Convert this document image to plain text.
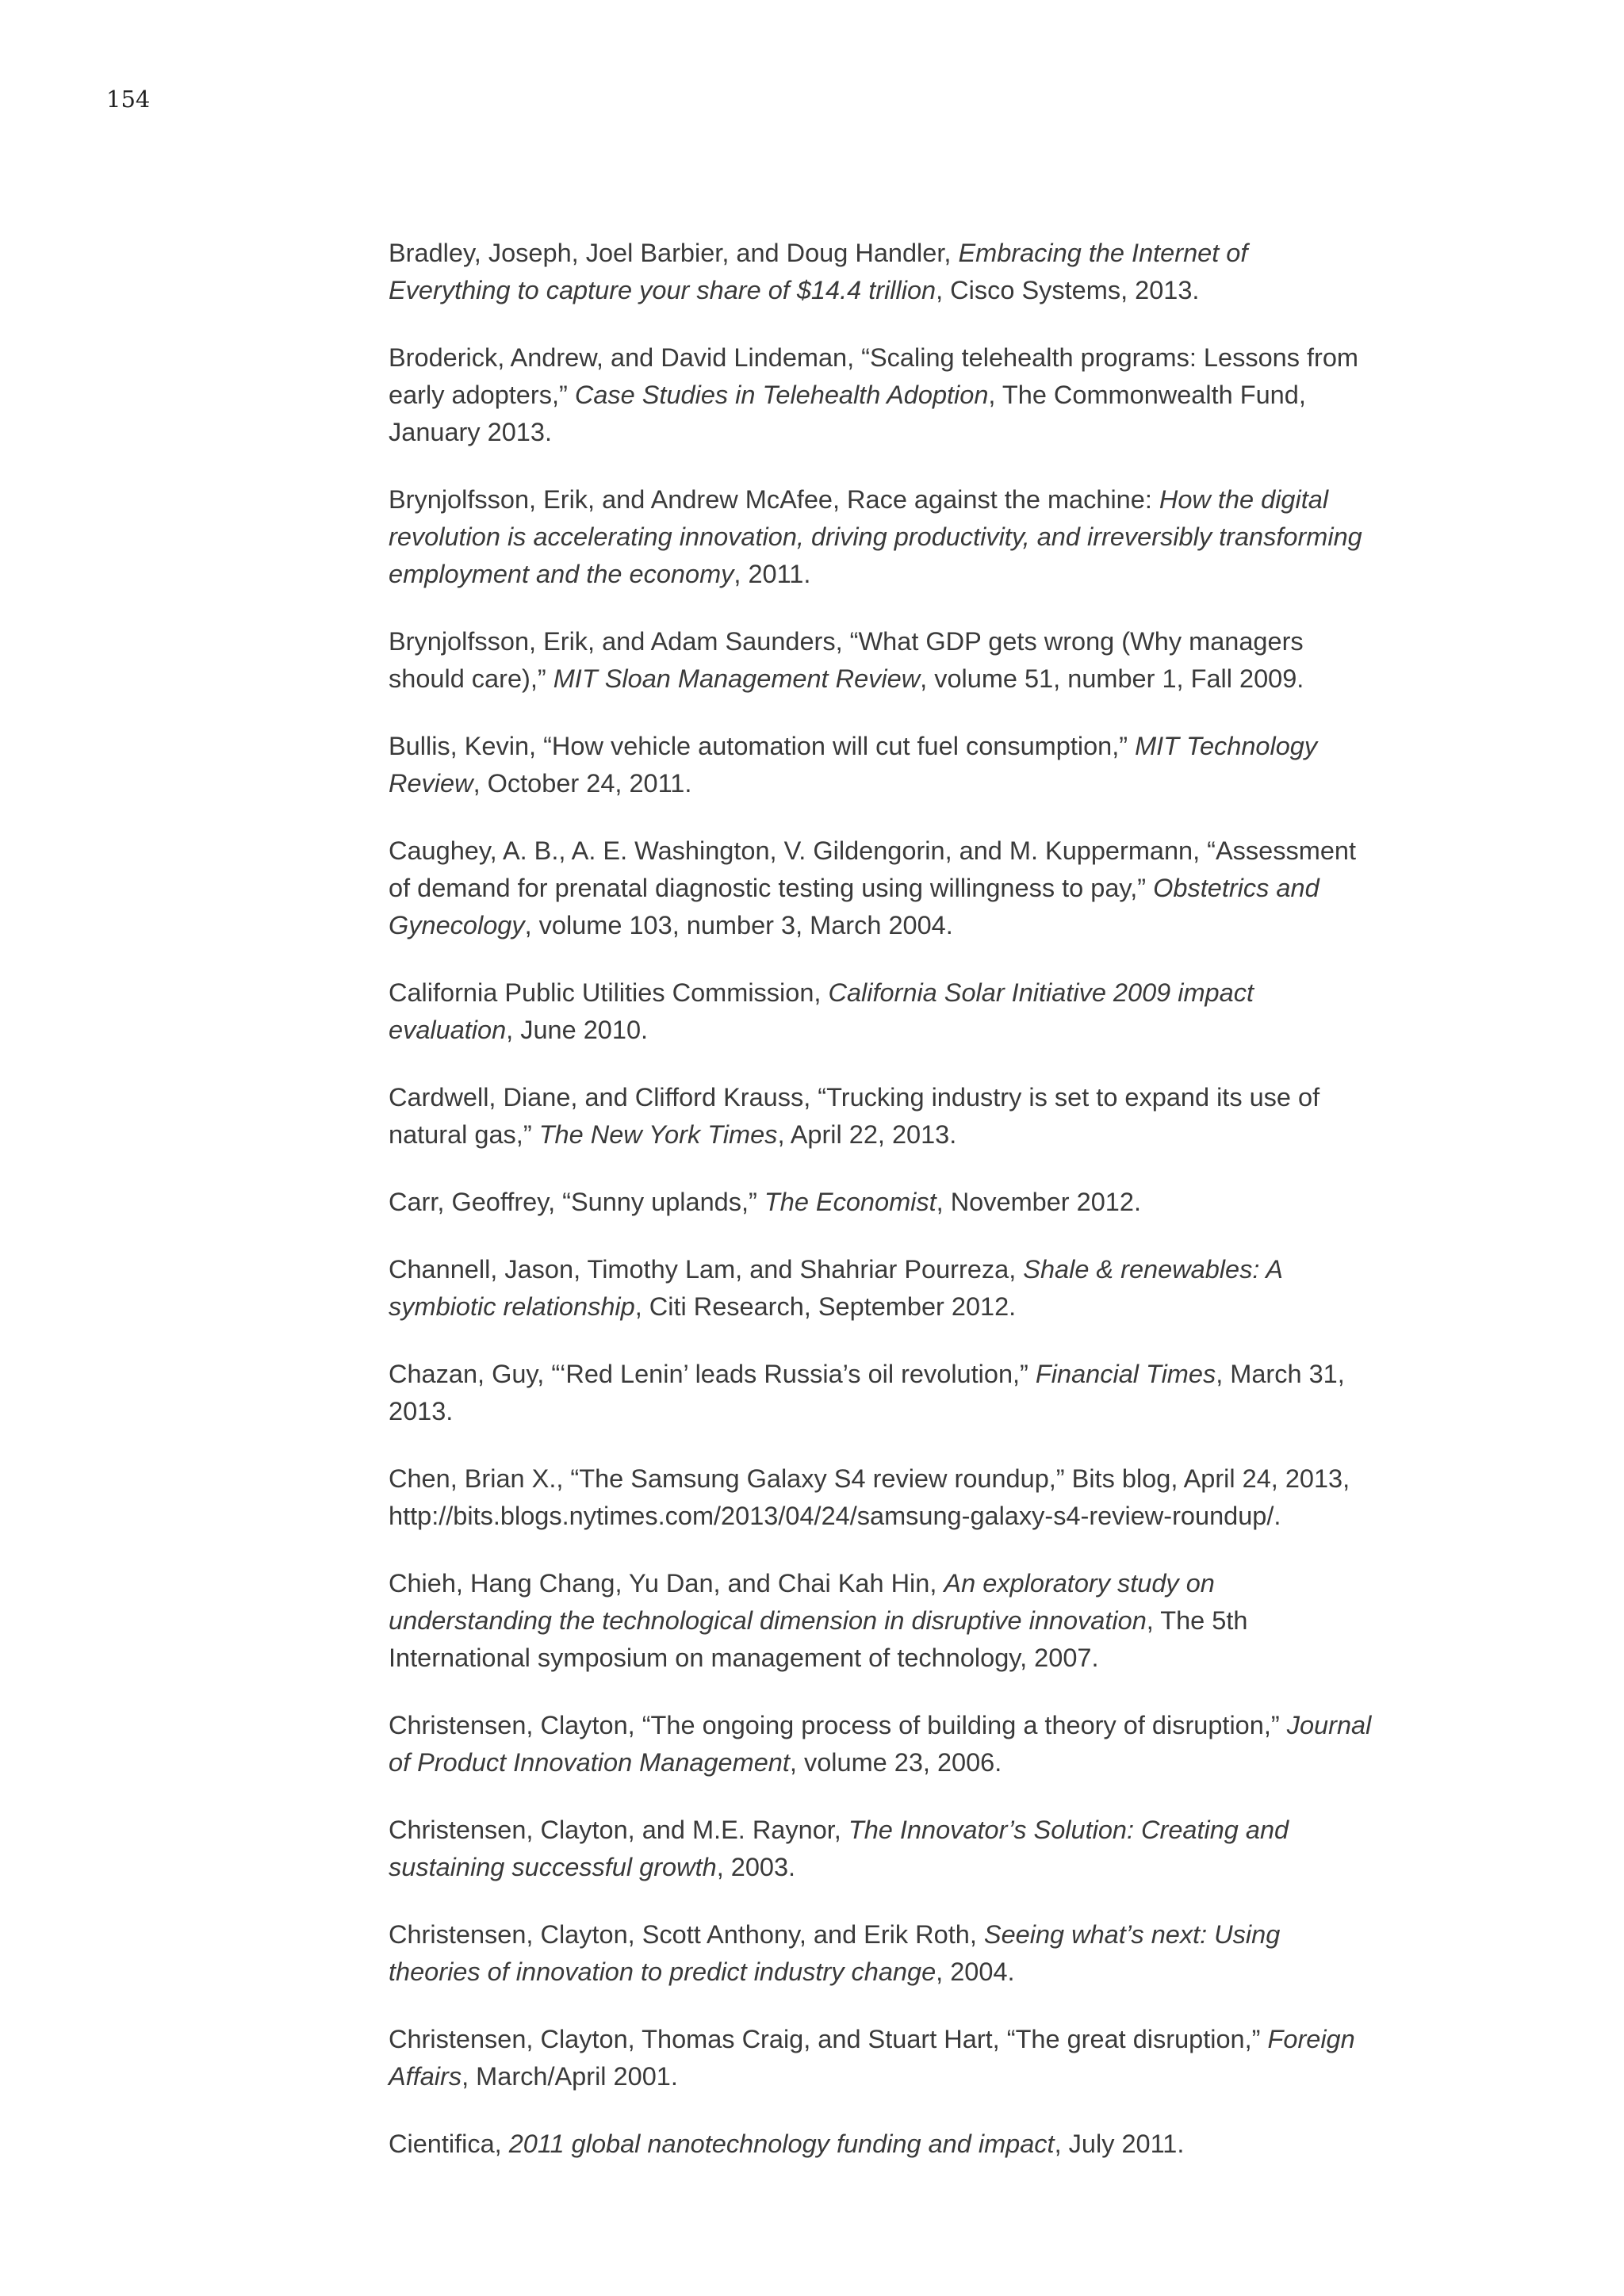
154

Bradley, Joseph, Joel Barbier, and Doug Handler, Embracing the Internet of Everything to capture your share of $14.4 trillion, Cisco Systems, 2013.

Broderick, Andrew, and David Lindeman, “Scaling telehealth programs: Lessons from early adopters,” Case Studies in Telehealth Adoption, The Commonwealth Fund, January 2013.

Brynjolfsson, Erik, and Andrew McAfee, Race against the machine: How the digital revolution is accelerating innovation, driving productivity, and irreversibly transforming employment and the economy, 2011.

Brynjolfsson, Erik, and Adam Saunders, “What GDP gets wrong (Why managers should care),” MIT Sloan Management Review, volume 51, number 1, Fall 2009.

Bullis, Kevin, “How vehicle automation will cut fuel consumption,” MIT Technology Review, October 24, 2011.

Caughey, A. B., A. E. Washington, V. Gildengorin, and M. Kuppermann, “Assessment of demand for prenatal diagnostic testing using willingness to pay,” Obstetrics and Gynecology, volume 103, number 3, March 2004.

California Public Utilities Commission, California Solar Initiative 2009 impact evaluation, June 2010.

Cardwell, Diane, and Clifford Krauss, “Trucking industry is set to expand its use of natural gas,” The New York Times, April 22, 2013.

Carr, Geoffrey, “Sunny uplands,” The Economist, November 2012.

Channell, Jason, Timothy Lam, and Shahriar Pourreza, Shale & renewables: A symbiotic relationship, Citi Research, September 2012.

Chazan, Guy, “‘Red Lenin’ leads Russia’s oil revolution,” Financial Times, March 31, 2013.

Chen, Brian X., “The Samsung Galaxy S4 review roundup,” Bits blog, April 24, 2013, http://bits.blogs.nytimes.com/2013/04/24/samsung-galaxy-s4-review-roundup/.

Chieh, Hang Chang, Yu Dan, and Chai Kah Hin, An exploratory study on understanding the technological dimension in disruptive innovation, The 5th International symposium on management of technology, 2007.

Christensen, Clayton, “The ongoing process of building a theory of disruption,” Journal of Product Innovation Management, volume 23, 2006.

Christensen, Clayton, and M.E. Raynor, The Innovator’s Solution: Creating and sustaining successful growth, 2003.

Christensen, Clayton, Scott Anthony, and Erik Roth, Seeing what’s next: Using theories of innovation to predict industry change, 2004.

Christensen, Clayton, Thomas Craig, and Stuart Hart, “The great disruption,” Foreign Affairs, March/April 2001.

Cientifica, 2011 global nanotechnology funding and impact, July 2011.
